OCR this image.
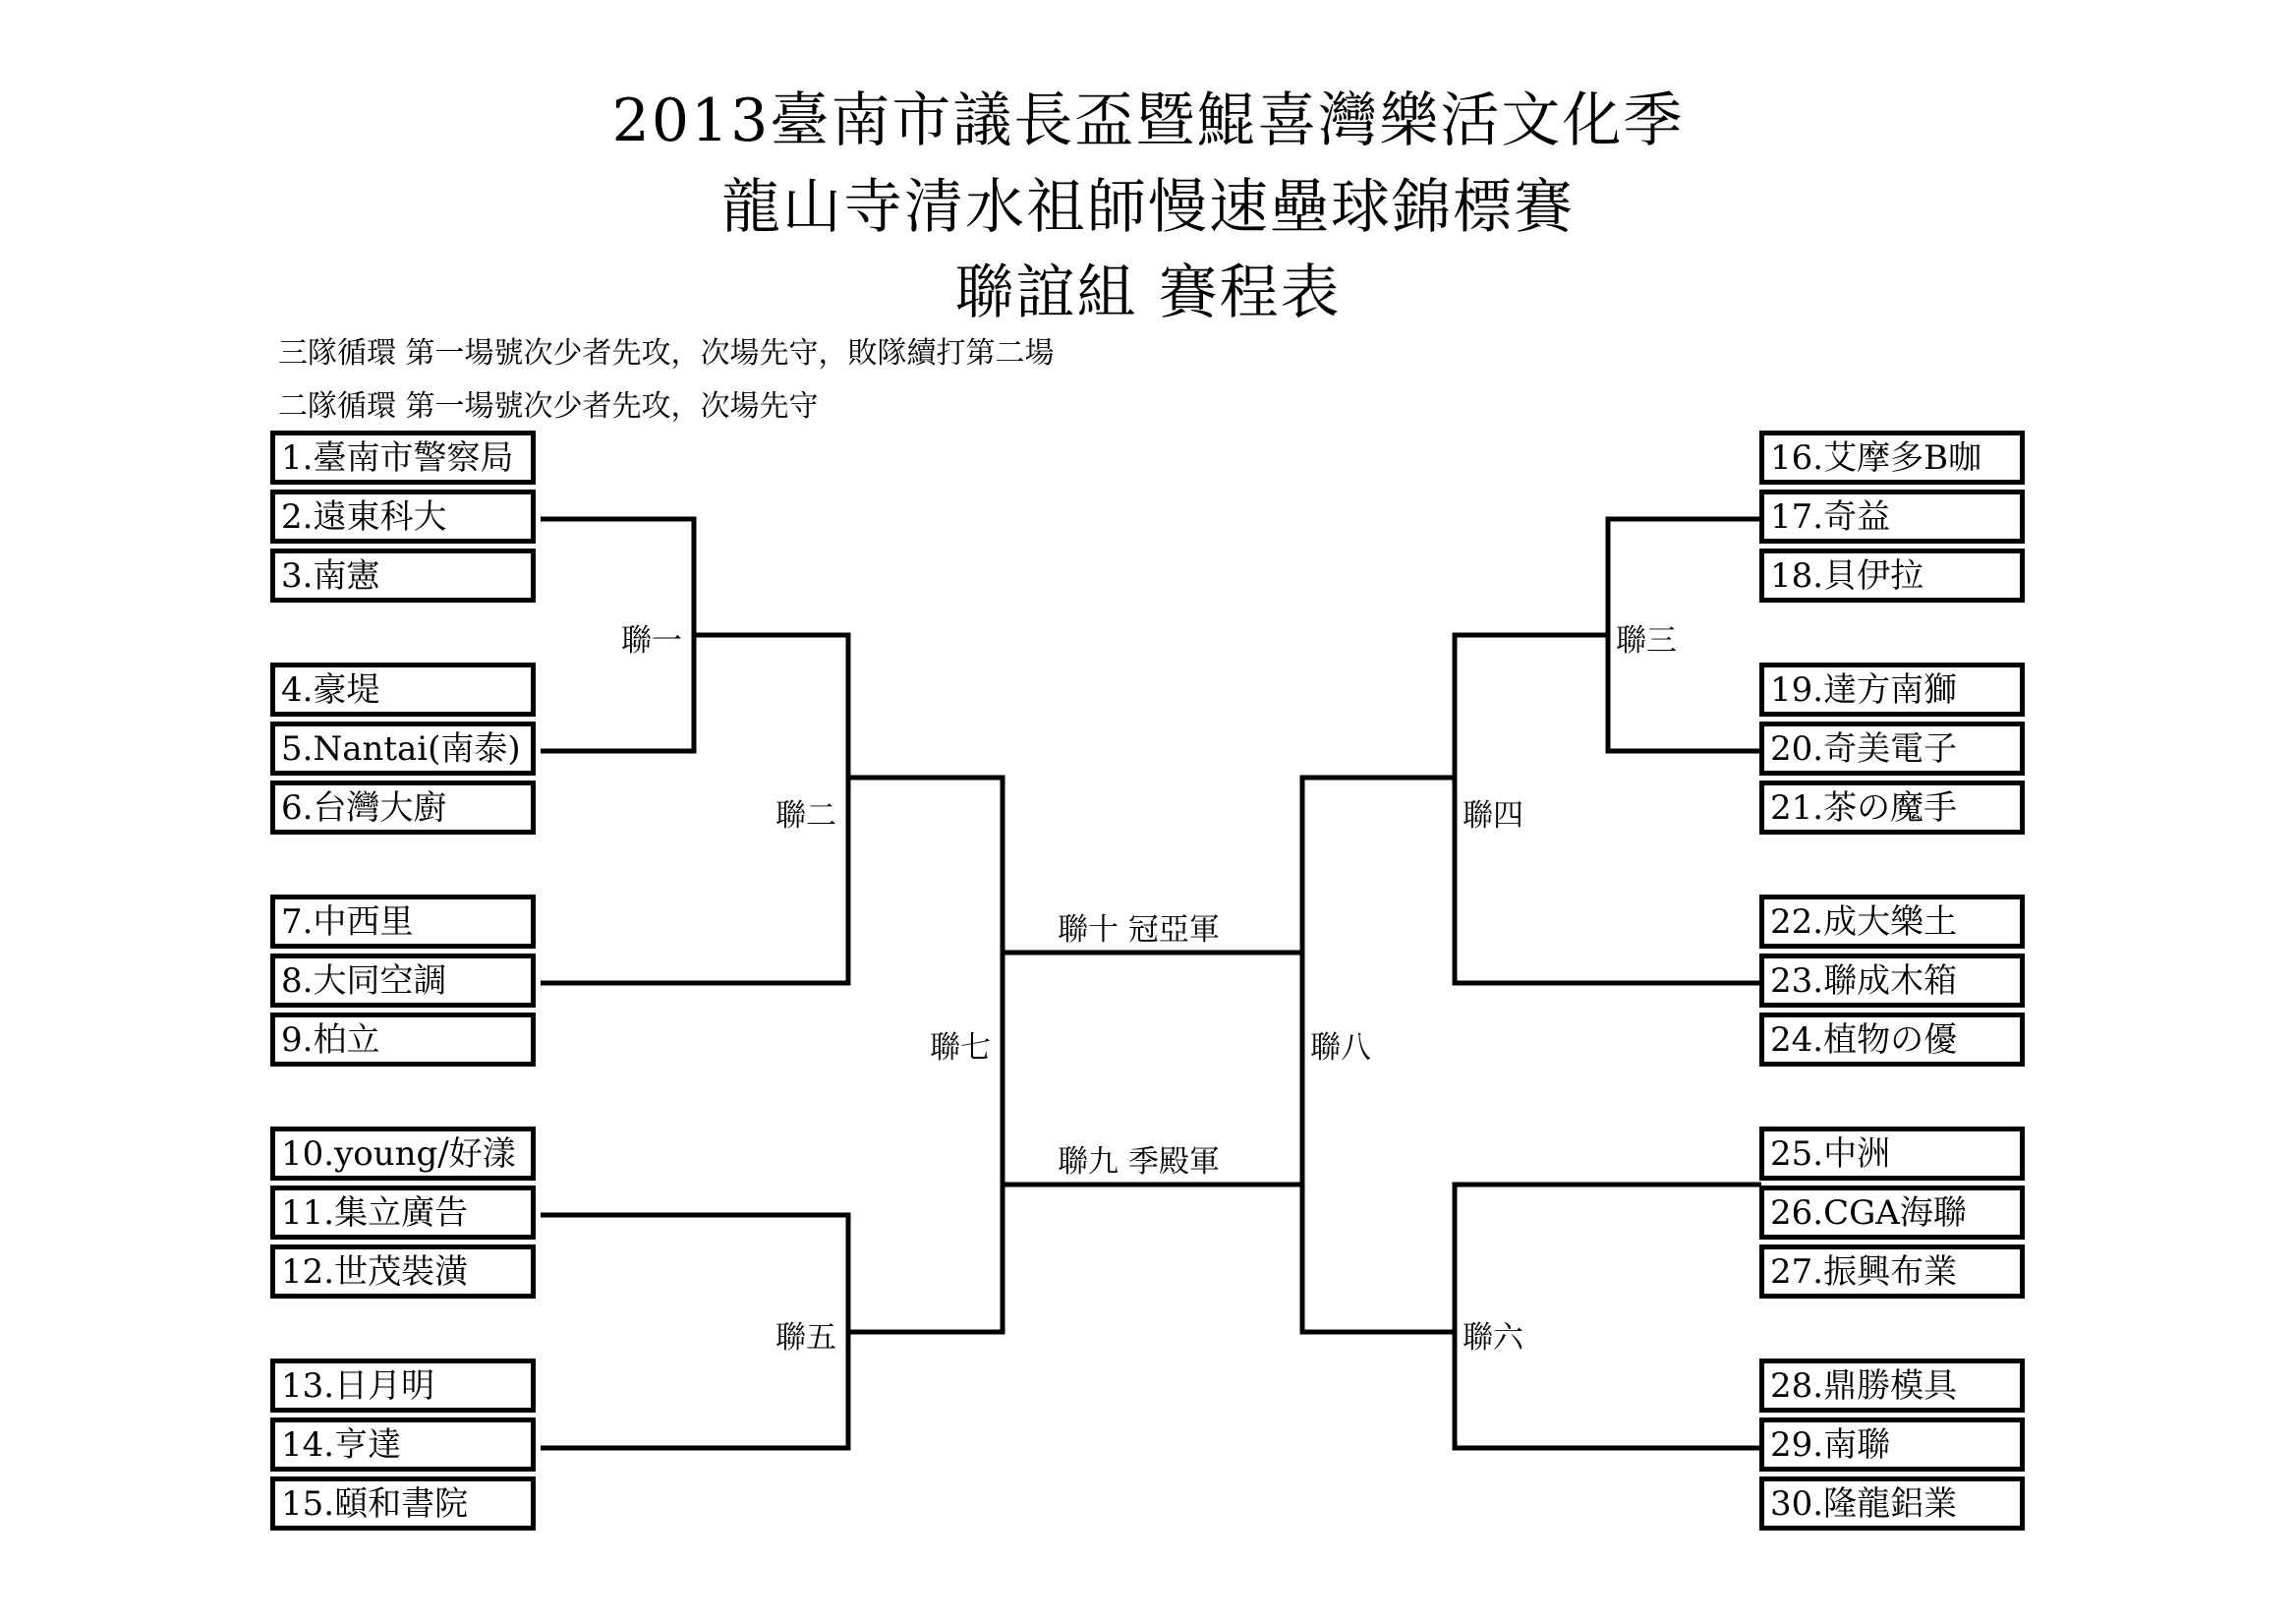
2013臺南市議長盃暨鯤喜灣樂活文化季
龍山寺清水祖師慢速壘球錦標賽
聯誼組 賽程表
三隊循環 第一場號次少者先攻，次場先守，敗隊續打第二場
二隊循環 第一場號次少者先攻，次場先守
1.臺南市警察局
2.遠東科大
3.南憲
4.豪堤
5.Nantai(南泰)
6.台灣大廚
7.中西里
8.大同空調
9.柏立
10.young/好漾
11.集立廣告
12.世茂裝潢
13.日月明
14.亨達
15.頤和書院
16.艾摩多B咖
17.奇益
18.貝伊拉
19.達方南獅
20.奇美電子
21.茶の魔手
22.成大樂土
23.聯成木箱
24.植物の優
25.中洲
26.CGA海聯
27.振興布業
28.鼎勝模具
29.南聯
30.隆龍鋁業
聯一
聯二
聯七
聯五
聯十 冠亞軍
聯九 季殿軍
聯三
聯四
聯八
聯六
